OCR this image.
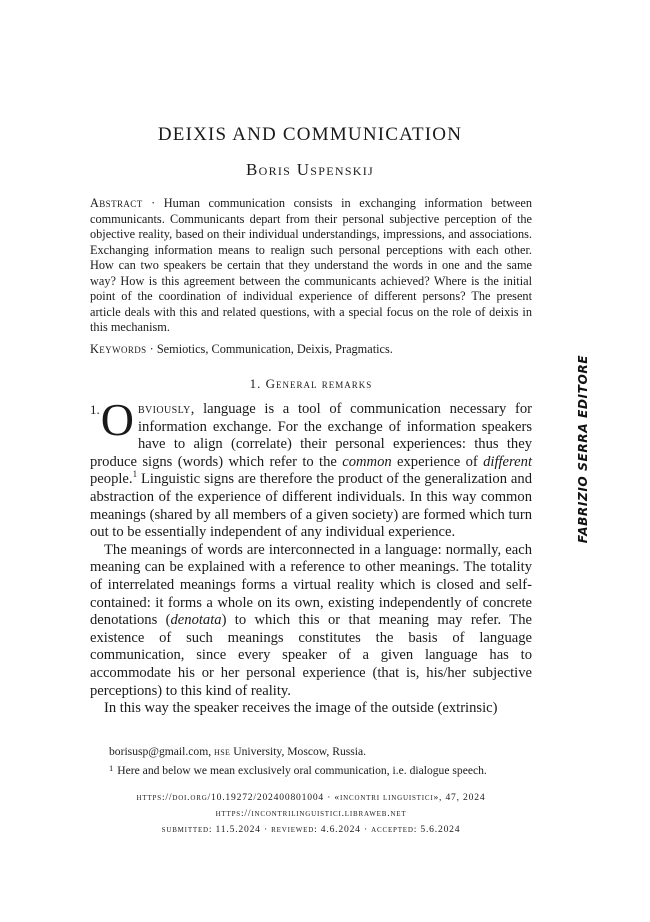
DEIXIS AND COMMUNICATION
Boris Uspenskij
Abstract · Human communication consists in exchanging information between communicants. Communicants depart from their personal subjective perception of the objective reality, based on their individual understandings, impressions, and associations. Exchanging information means to realign such personal perceptions with each other. How can two speakers be certain that they understand the words in one and the same way? How is this agreement between the communicants achieved? Where is the initial point of the coordination of individual experience of different persons? The present article deals with this and related questions, with a special focus on the role of deixis in this mechanism.
Keywords · Semiotics, Communication, Deixis, Pragmatics.
1. General remarks

1. O bviously, language is a tool of communication necessary for information exchange. For the exchange of information speakers have to align (correlate) their personal experiences: thus they produce signs (words) which refer to the common experience of different people.$^1$ Linguistic signs are therefore the product of the generalization and abstraction of the experience of different individuals. In this way common meanings (shared by all members of a given society) are formed which turn out to be essentially independent of any individual experience.

The meanings of words are interconnected in a language: normally, each meaning can be explained with a reference to other meanings. The totality of interrelated meanings forms a virtual reality which is closed and self-contained: it forms a whole on its own, existing independently of concrete denotations (denotata) to which this or that meaning may refer. The existence of such meanings constitutes the basis of language communication, since every speaker of a given language has to accommodate his or her personal experience (that is, his/her subjective perceptions) to this kind of reality.

In this way the speaker receives the image of the outside (extrinsic)

borisusp@gmail.com, hse University, Moscow, Russia.
$^1$ Here and below we mean exclusively oral communication, i.e. dialogue speech.
https://doi.org/10.19272/202400801004 · «incontri linguistici», 47, 2024
https://incontrilinguistici.libraweb.net
submitted: 11.5.2024 · reviewed: 4.6.2024 · accepted: 5.6.2024
FABRIZIO SERRA EDITORE
